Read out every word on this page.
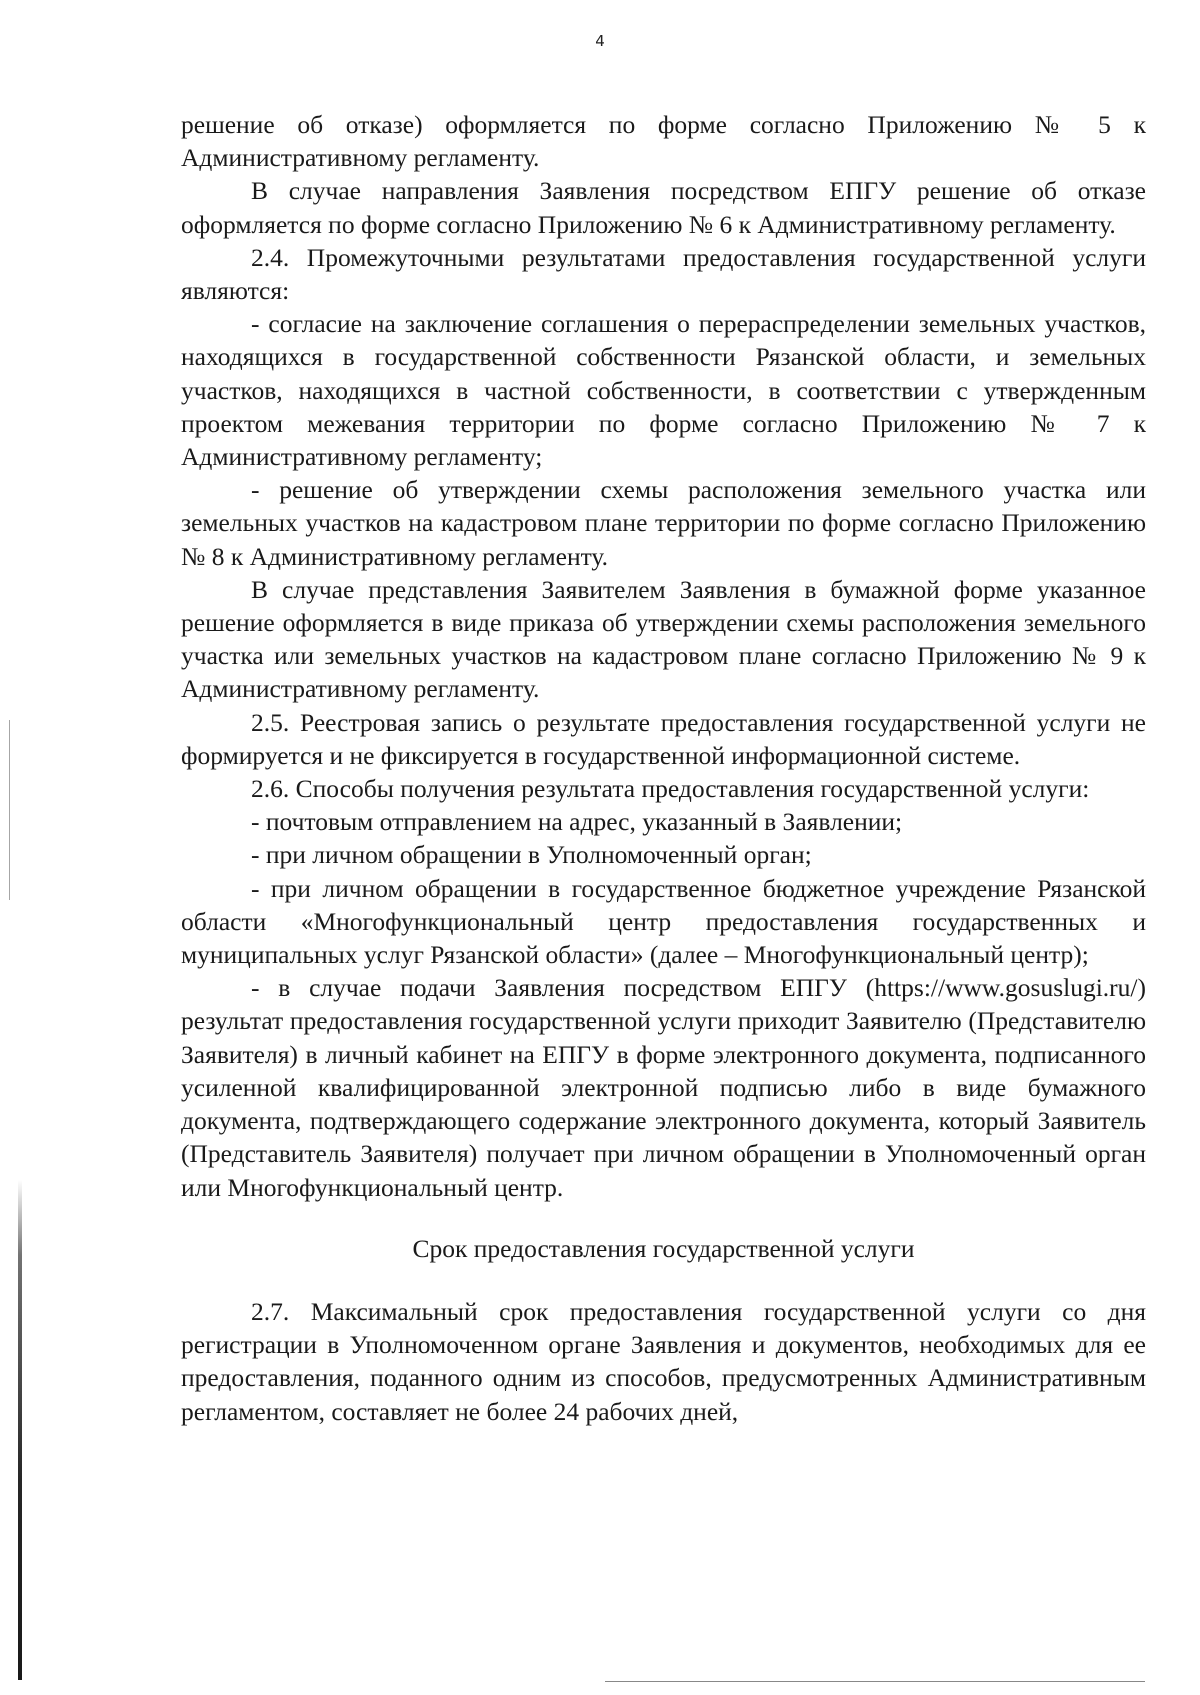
4

решение об отказе) оформляется по форме согласно Приложению № 5 к Административному регламенту.

В случае направления Заявления посредством ЕПГУ решение об отказе оформляется по форме согласно Приложению № 6 к Административному регламенту.

2.4. Промежуточными результатами предоставления государственной услуги являются:

- согласие на заключение соглашения о перераспределении земельных участков, находящихся в государственной собственности Рязанской области, и земельных участков, находящихся в частной собственности, в соответствии с утвержденным проектом межевания территории по форме согласно Приложению № 7 к Административному регламенту;

- решение об утверждении схемы расположения земельного участка или земельных участков на кадастровом плане территории по форме согласно Приложению № 8 к Административному регламенту.

В случае представления Заявителем Заявления в бумажной форме указанное решение оформляется в виде приказа об утверждении схемы расположения земельного участка или земельных участков на кадастровом плане согласно Приложению № 9 к Административному регламенту.

2.5. Реестровая запись о результате предоставления государственной услуги не формируется и не фиксируется в государственной информационной системе.

2.6. Способы получения результата предоставления государственной услуги:

- почтовым отправлением на адрес, указанный в Заявлении;

- при личном обращении в Уполномоченный орган;

- при личном обращении в государственное бюджетное учреждение Рязанской области «Многофункциональный центр предоставления государственных и муниципальных услуг Рязанской области» (далее – Многофункциональный центр);

- в случае подачи Заявления посредством ЕПГУ (https://www.gosuslugi.ru/) результат предоставления государственной услуги приходит Заявителю (Представителю Заявителя) в личный кабинет на ЕПГУ в форме электронного документа, подписанного усиленной квалифицированной электронной подписью либо в виде бумажного документа, подтверждающего содержание электронного документа, который Заявитель (Представитель Заявителя) получает при личном обращении в Уполномоченный орган или Многофункциональный центр.

Срок предоставления государственной услуги

2.7. Максимальный срок предоставления государственной услуги со дня регистрации в Уполномоченном органе Заявления и документов, необходимых для ее предоставления, поданного одним из способов, предусмотренных Административным регламентом, составляет не более 24 рабочих дней,
